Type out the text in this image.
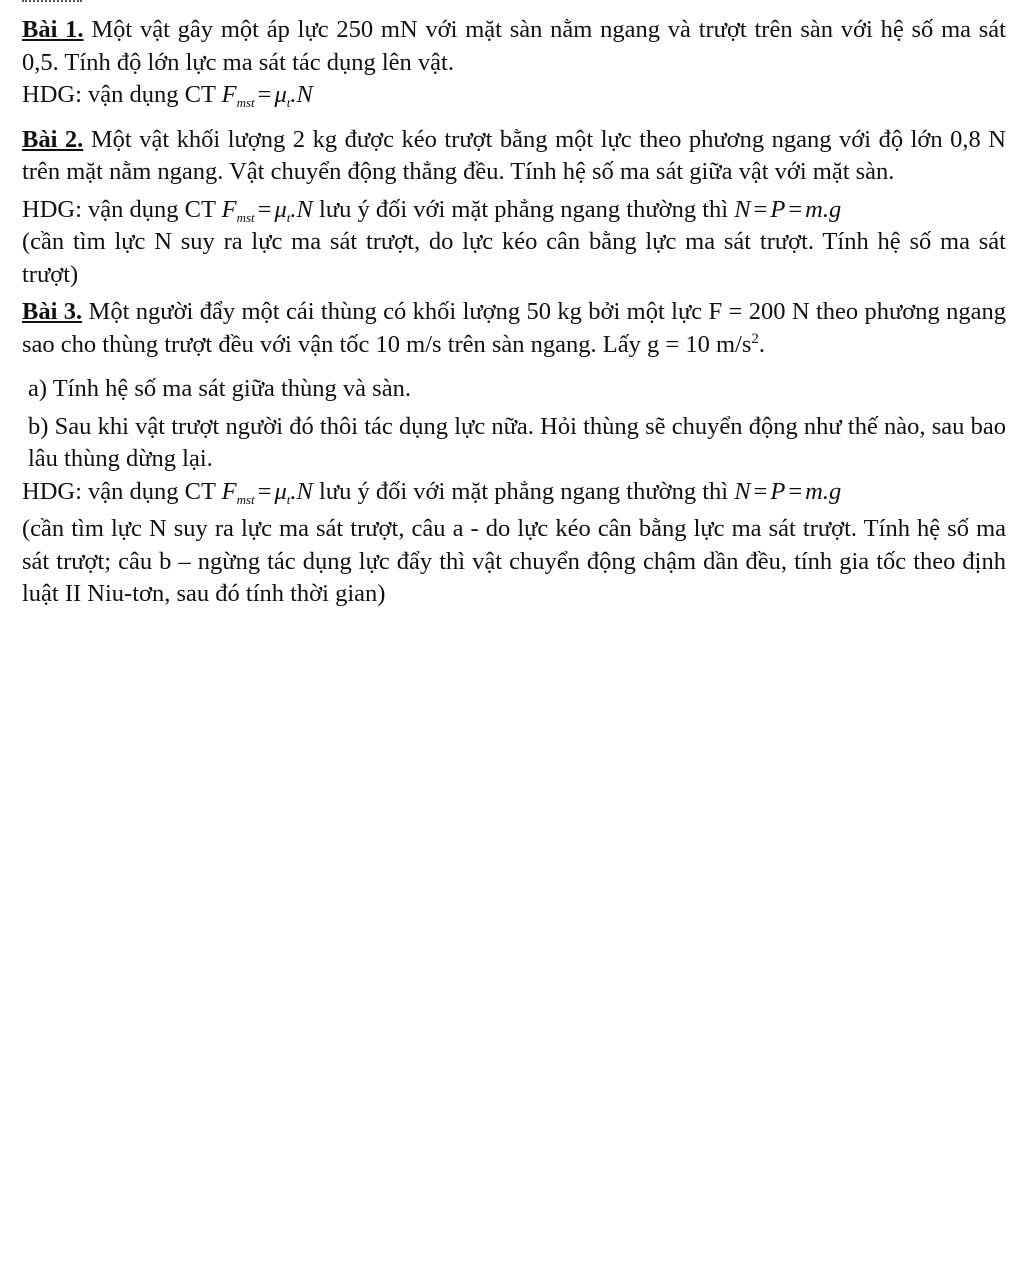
Bài 1. Một vật gây một áp lực 250 mN với mặt sàn nằm ngang và trượt trên sàn với hệ số ma sát 0,5. Tính độ lớn lực ma sát tác dụng lên vật.

HDG: vận dụng CT $F_{mst} = \mu_t.N$

Bài 2. Một vật khối lượng 2 kg được kéo trượt bằng một lực theo phương ngang với độ lớn 0,8 N trên mặt nằm ngang. Vật chuyển động thẳng đều. Tính hệ số ma sát giữa vật với mặt sàn.

HDG: vận dụng CT $F_{mst} = \mu_t.N$ lưu ý đối với mặt phẳng ngang thường thì N = P = m.g

(cần tìm lực N suy ra lực ma sát trượt, do lực kéo cân bằng lực ma sát trượt. Tính hệ số ma sát trượt)

Bài 3. Một người đẩy một cái thùng có khối lượng 50 kg bởi một lực F = 200 N theo phương ngang sao cho thùng trượt đều với vận tốc 10 m/s trên sàn ngang. Lấy g = 10 $m/s^2$.

a) Tính hệ số ma sát giữa thùng và sàn.

b) Sau khi vật trượt người đó thôi tác dụng lực nữa. Hỏi thùng sẽ chuyển động như thế nào, sau bao lâu thùng dừng lại.

HDG: vận dụng CT $F_{mst} = \mu_t.N$ lưu ý đối với mặt phẳng ngang thường thì N = P = m.g

(cần tìm lực N suy ra lực ma sát trượt, câu a - do lực kéo cân bằng lực ma sát trượt. Tính hệ số ma sát trượt; câu b – ngừng tác dụng lực đẩy thì vật chuyển động chậm dần đều, tính gia tốc theo định luật II Niu-tơn, sau đó tính thời gian)
